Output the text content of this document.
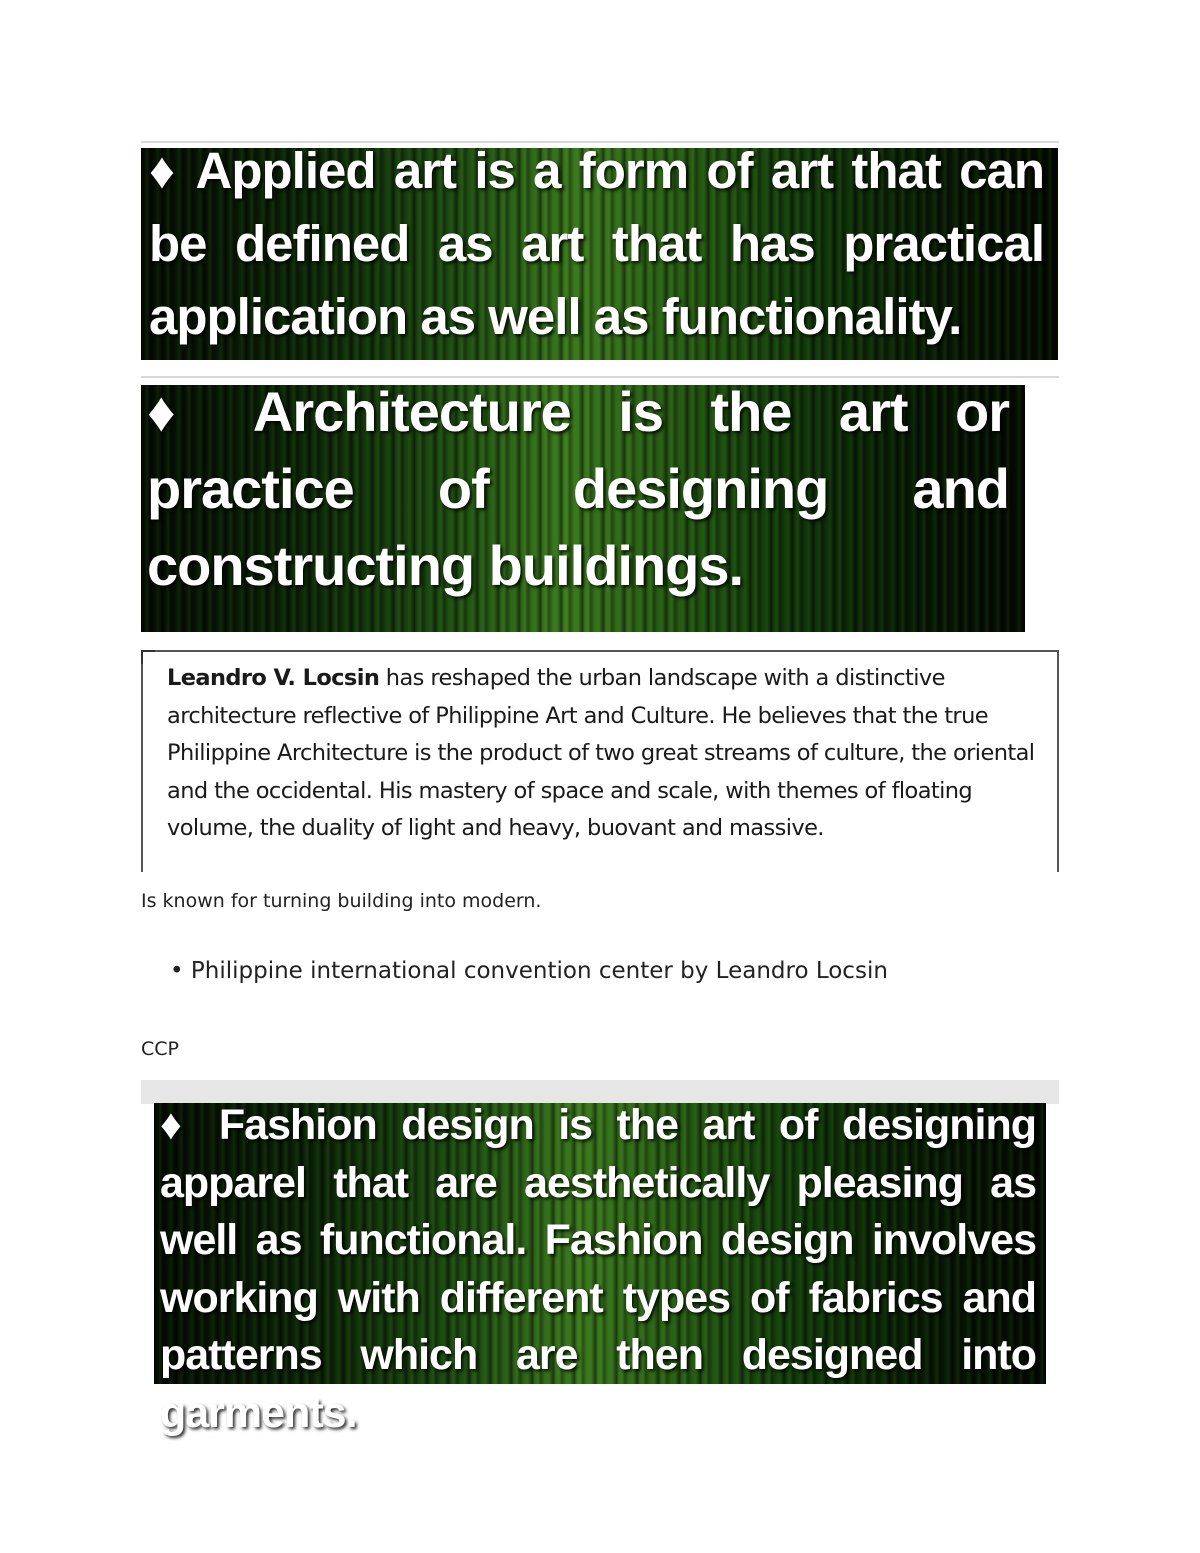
♦ Applied art is a form of art that can be defined as art that has practical application as well as functionality.

♦ Architecture is the art or practice of designing and constructing buildings.

Leandro V. Locsin has reshaped the urban landscape with a distinctive architecture reflective of Philippine Art and Culture. He believes that the true Philippine Architecture is the product of two great streams of culture, the oriental and the occidental. His mastery of space and scale, with themes of floating volume, the duality of light and heavy, buovant and massive.

Is known for turning building into modern.

• Philippine international convention center by Leandro Locsin

CCP

♦ Fashion design is the art of designing apparel that are aesthetically pleasing as well as functional. Fashion design involves working with different types of fabrics and patterns which are then designed into garments.
